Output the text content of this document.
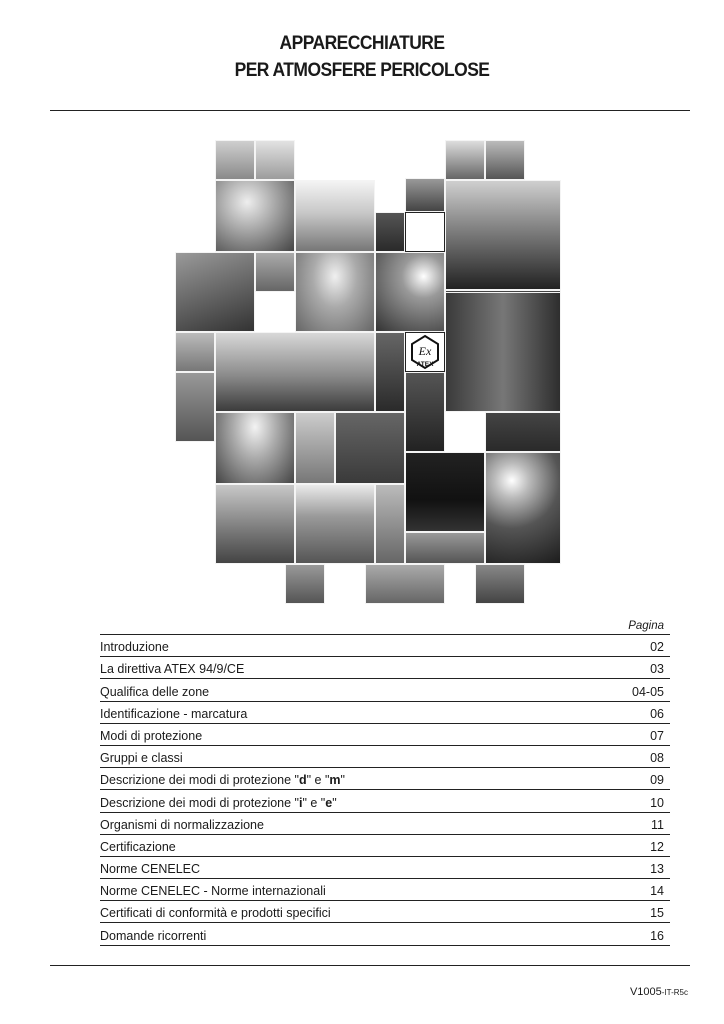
APPARECCHIATURE
PER ATMOSFERE PERICOLOSE
Ex
ATEX
Pagina
Introduzione	02
La direttiva ATEX 94/9/CE	03
Qualifica delle zone	04-05
Identificazione - marcatura	06
Modi di protezione	07
Gruppi e classi	08
Descrizione dei modi di protezione "d" e "m"	09
Descrizione dei modi di protezione "i" e "e"	10
Organismi di normalizzazione	11
Certificazione	12
Norme CENELEC	13
Norme CENELEC - Norme internazionali	14
Certificati di conformità e prodotti specifici	15
Domande ricorrenti	16
V1005-IT-R5c
